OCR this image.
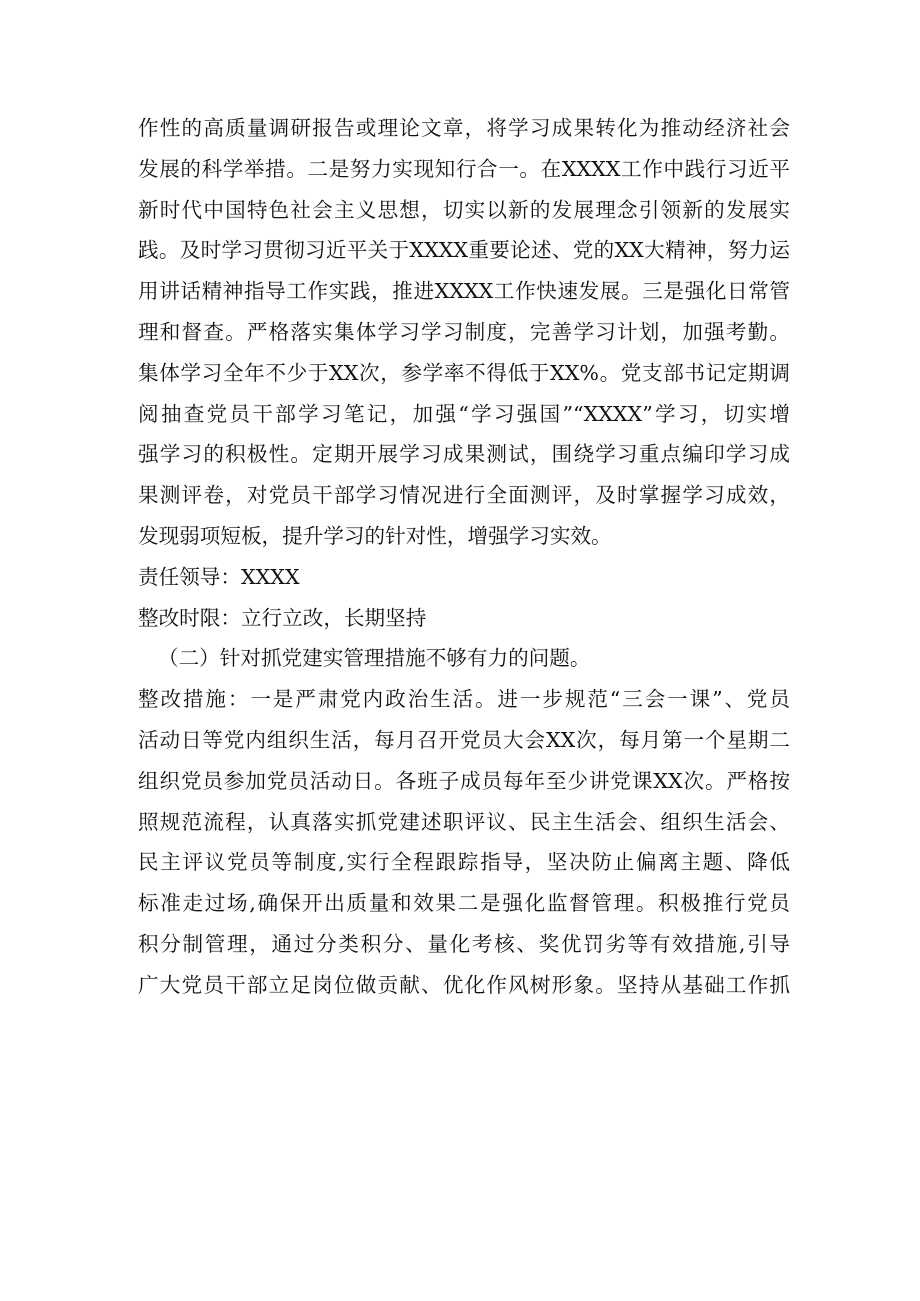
作性的高质量调研报告或理论文章，将学习成果转化为推动经济社会
发展的科学举措。二是努力实现知行合一。在XXXX工作中践行习近平
新时代中国特色社会主义思想，切实以新的发展理念引领新的发展实
践。及时学习贯彻习近平关于XXXX重要论述、党的XX大精神，努力运
用讲话精神指导工作实践，推进XXXX工作快速发展。三是强化日常管
理和督查。严格落实集体学习学习制度，完善学习计划，加强考勤。
集体学习全年不少于XX次，参学率不得低于XX%。党支部书记定期调
阅抽查党员干部学习笔记，加强“学习强国”“XXXX”学习，切实增
强学习的积极性。定期开展学习成果测试，围绕学习重点编印学习成
果测评卷，对党员干部学习情况进行全面测评，及时掌握学习成效，
发现弱项短板，提升学习的针对性，增强学习实效。
责任领导：XXXX
整改时限：立行立改，长期坚持
（二）针对抓党建实管理措施不够有力的问题。
整改措施：一是严肃党内政治生活。进一步规范“三会一课”、党员
活动日等党内组织生活，每月召开党员大会XX次，每月第一个星期二
组织党员参加党员活动日。各班子成员每年至少讲党课XX次。严格按
照规范流程，认真落实抓党建述职评议、民主生活会、组织生活会、
民主评议党员等制度,实行全程跟踪指导，坚决防止偏离主题、降低
标准走过场,确保开出质量和效果二是强化监督管理。积极推行党员
积分制管理，通过分类积分、量化考核、奖优罚劣等有效措施,引导
广大党员干部立足岗位做贡献、优化作风树形象。坚持从基础工作抓
